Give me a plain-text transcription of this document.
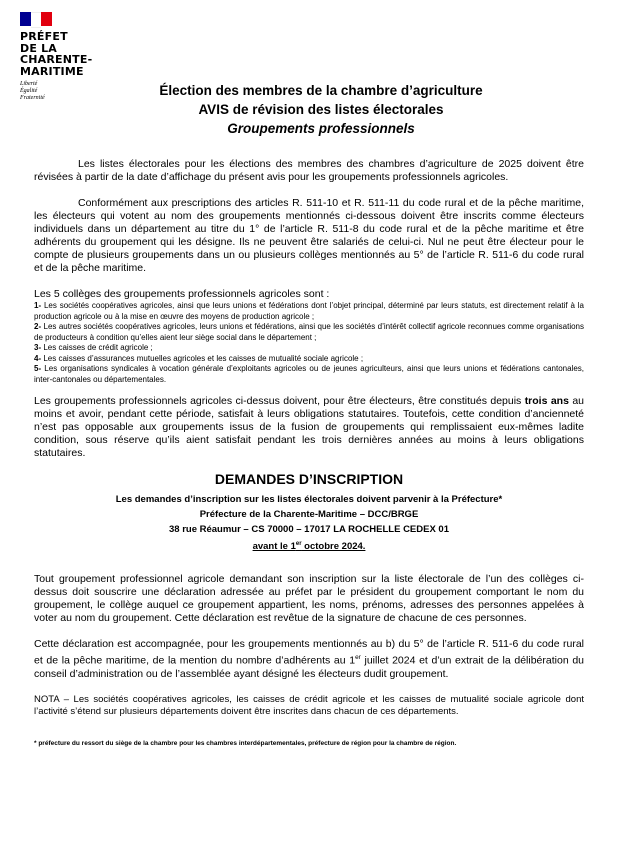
PRÉFET
DE LA
CHARENTE-
MARITIME
Liberté
Égalité
Fraternité	Élection des membres de la chambre d’agriculture
AVIS de révision des listes électorales
Groupements professionnels

Les listes électorales pour les élections des membres des chambres d’agriculture de 2025 doivent être révisées à partir de la date d’affichage du présent avis pour les groupements professionnels agricoles.

Conformément aux prescriptions des articles R. 511-10 et R. 511-11 du code rural et de la pêche maritime, les électeurs qui votent au nom des groupements mentionnés ci-dessous doivent être inscrits comme électeurs individuels dans un département au titre du 1° de l’article R. 511-8 du code rural et de la pêche maritime et être adhérents du groupement qui les désigne. Ils ne peuvent être salariés de celui-ci. Nul ne peut être électeur pour le compte de plusieurs groupements dans un ou plusieurs collèges mentionnés au 5° de l’article R. 511-6 du code rural et de la pêche maritime.

Les 5 collèges des groupements professionnels agricoles sont :

1- Les sociétés coopératives agricoles, ainsi que leurs unions et fédérations dont l’objet principal, déterminé par leurs statuts, est directement relatif à la production agricole ou à la mise en œuvre des moyens de production agricole ;

2- Les autres sociétés coopératives agricoles, leurs unions et fédérations, ainsi que les sociétés d’intérêt collectif agricole reconnues comme organisations de producteurs à condition qu’elles aient leur siège social dans le département ;

3- Les caisses de crédit agricole ;

4- Les caisses d’assurances mutuelles agricoles et les caisses de mutualité sociale agricole ;

5- Les organisations syndicales à vocation générale d’exploitants agricoles ou de jeunes agriculteurs, ainsi que leurs unions et fédérations cantonales, inter-cantonales ou départementales.

Les groupements professionnels agricoles ci-dessus doivent, pour être électeurs, être constitués depuis trois ans au moins et avoir, pendant cette période, satisfait à leurs obligations statutaires. Toutefois, cette condition d’ancienneté n’est pas opposable aux groupements issus de la fusion de groupements qui remplissaient eux-mêmes ladite condition, sous réserve qu’ils aient satisfait pendant les trois dernières années au moins à leurs obligations statutaires.

DEMANDES D’INSCRIPTION
Les demandes d’inscription sur les listes électorales doivent parvenir à la Préfecture*
Préfecture de la Charente-Maritime – DCC/BRGE
38 rue Réaumur – CS 70000 – 17017 LA ROCHELLE CEDEX 01
avant le 1er octobre 2024.

Tout groupement professionnel agricole demandant son inscription sur la liste électorale de l’un des collèges ci-dessus doit souscrire une déclaration adressée au préfet par le président du groupement comportant le nom du groupement, le collège auquel ce groupement appartient, les noms, prénoms, adresses des personnes appelées à voter au nom du groupement. Cette déclaration est revêtue de la signature de chacune de ces personnes.

Cette déclaration est accompagnée, pour les groupements mentionnés au b) du 5° de l’article R. 511-6 du code rural et de la pêche maritime, de la mention du nombre d’adhérents au 1er juillet 2024 et d’un extrait de la délibération du conseil d’administration ou de l’assemblée ayant désigné les électeurs dudit groupement.

NOTA – Les sociétés coopératives agricoles, les caisses de crédit agricole et les caisses de mutualité sociale agricole dont l’activité s’étend sur plusieurs départements doivent être inscrites dans chacun de ces départements.

* préfecture du ressort du siège de la chambre pour les chambres interdépartementales, préfecture de région pour la chambre de région.
